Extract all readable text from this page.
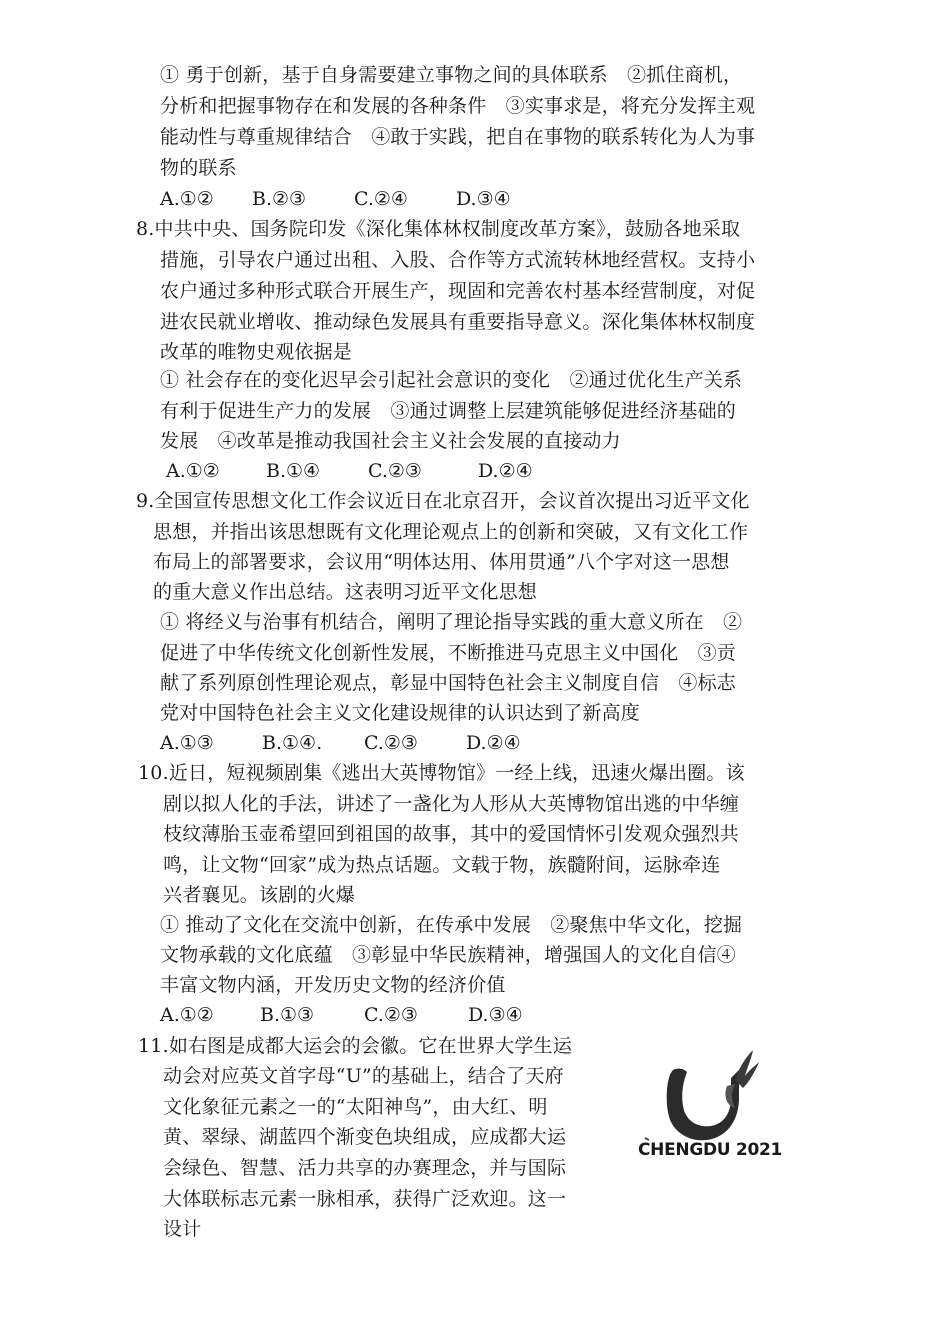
① 勇于创新，基于自身需要建立事物之间的具体联系　②抓住商机，
分析和把握事物存在和发展的各种条件　③实事求是，将充分发挥主观
能动性与尊重规律结合　④敢于实践，把自在事物的联系转化为人为事
物的联系
A.①② B.②③	C.②④	D.③④
8.中共中央、国务院印发《深化集体林权制度改革方案》，鼓励各地采取
措施，引导农户通过出租、入股、合作等方式流转林地经营权。支持小
农户通过多种形式联合开展生产，现固和完善农村基本经营制度，对促
进农民就业增收、推动绿色发展具有重要指导意义。深化集体林权制度
改革的唯物史观依据是
① 社会存在的变化迟早会引起社会意识的变化　②通过优化生产关系
有利于促进生产力的发展　③通过调整上层建筑能够促进经济基础的
发展　④改革是推动我国社会主义社会发展的直接动力
A.①② B.①④	C.②③	D.②④
9.全国宣传思想文化工作会议近日在北京召开，会议首次提出习近平文化
思想，并指出该思想既有文化理论观点上的创新和突破，又有文化工作
布局上的部署要求，会议用“明体达用、体用贯通”八个字对这一思想
的重大意义作出总结。这表明习近平文化思想
① 将经义与治事有机结合，阐明了理论指导实践的重大意义所在　②
促进了中华传统文化创新性发展，不断推进马克思主义中国化　③贡
献了系列原创性理论观点，彰显中国特色社会主义制度自信　④标志
党对中国特色社会主义文化建设规律的认识达到了新高度
A.①③	B.①④. C.②③	D.②④
10.近日，短视频剧集《逃出大英博物馆》一经上线，迅速火爆出圈。该
剧以拟人化的手法，讲述了一盏化为人形从大英博物馆出逃的中华缠
枝纹薄胎玉壶希望回到祖国的故事，其中的爱国情怀引发观众强烈共
鸣，让文物“回家”成为热点话题。文载于物，族髓附间，运脉牵连
兴者襄见。该剧的火爆
① 推动了文化在交流中创新，在传承中发展　②聚焦中华文化，挖掘
文物承载的文化底蕴　③彰显中华民族精神，增强国人的文化自信④
丰富文物内涵，开发历史文物的经济价值
A.①② B.①③	C.②③	D.③④
11.如右图是成都大运会的会徽。它在世界大学生运
动会对应英文首字母“U”的基础上，结合了天府
文化象征元素之一的“太阳神鸟”，由大红、明
黄、翠绿、湖蓝四个渐变色块组成，应成都大运
会绿色、智慧、活力共享的办赛理念，并与国际
大体联标志元素一脉相承，获得广泛欢迎。这一
设计
CHENGDU 2021
